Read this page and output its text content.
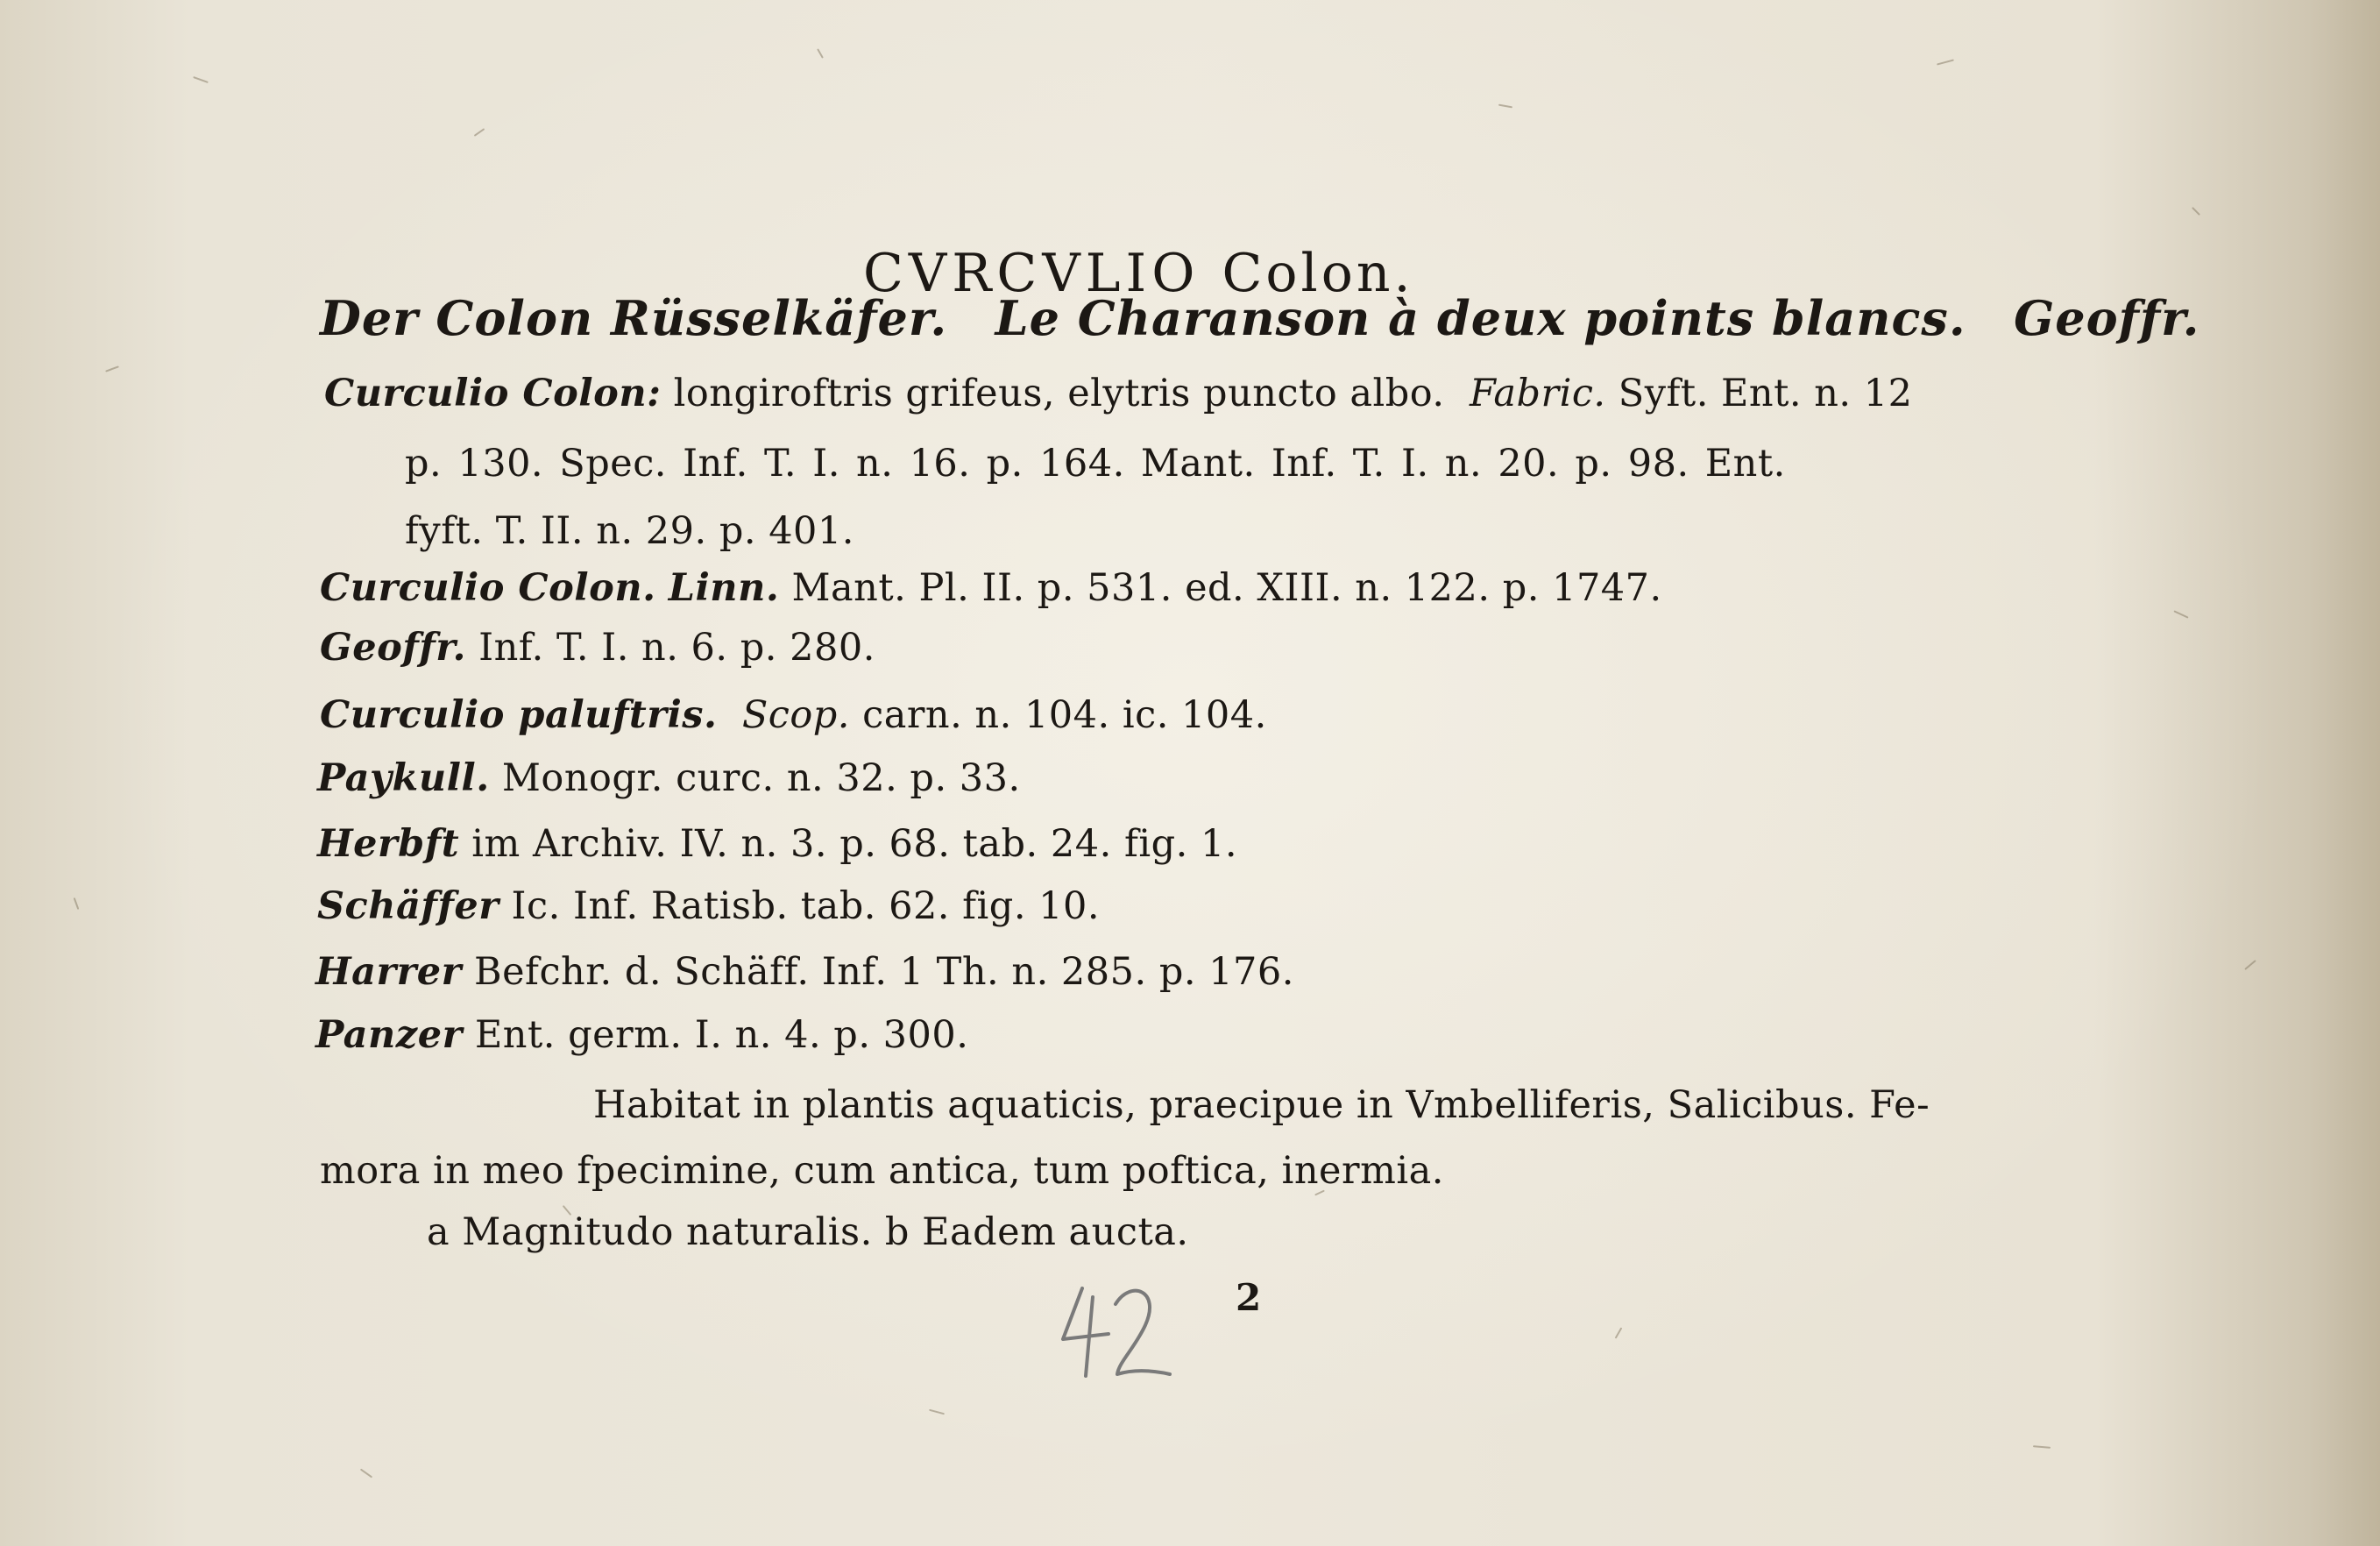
CVRCVLIO Colon.
Der Colon Rüsselkäfer. Le Charanson à deux points blancs. Geoffr.
Curculio Colon: longiroftris grifeus, elytris puncto albo. Fabric. Syft. Ent. n. 12
p. 130. Spec. Inf. T. I. n. 16. p. 164. Mant. Inf. T. I. n. 20. p. 98. Ent.
fyft. T. II. n. 29. p. 401.
Curculio Colon. Linn. Mant. Pl. II. p. 531. ed. XIII. n. 122. p. 1747.
Geoffr. Inf. T. I. n. 6. p. 280.
Curculio paluftris. Scop. carn. n. 104. ic. 104.
Paykull. Monogr. curc. n. 32. p. 33.
Herbft im Archiv. IV. n. 3. p. 68. tab. 24. fig. 1.
Schäffer Ic. Inf. Ratisb. tab. 62. fig. 10.
Harrer Befchr. d. Schäff. Inf. 1 Th. n. 285. p. 176.
Panzer Ent. germ. I. n. 4. p. 300.
Habitat in plantis aquaticis, praecipue in Vmbelliferis, Salicibus. Fe-
mora in meo fpecimine, cum antica, tum poftica, inermia.
a Magnitudo naturalis. b Eadem aucta.
2
